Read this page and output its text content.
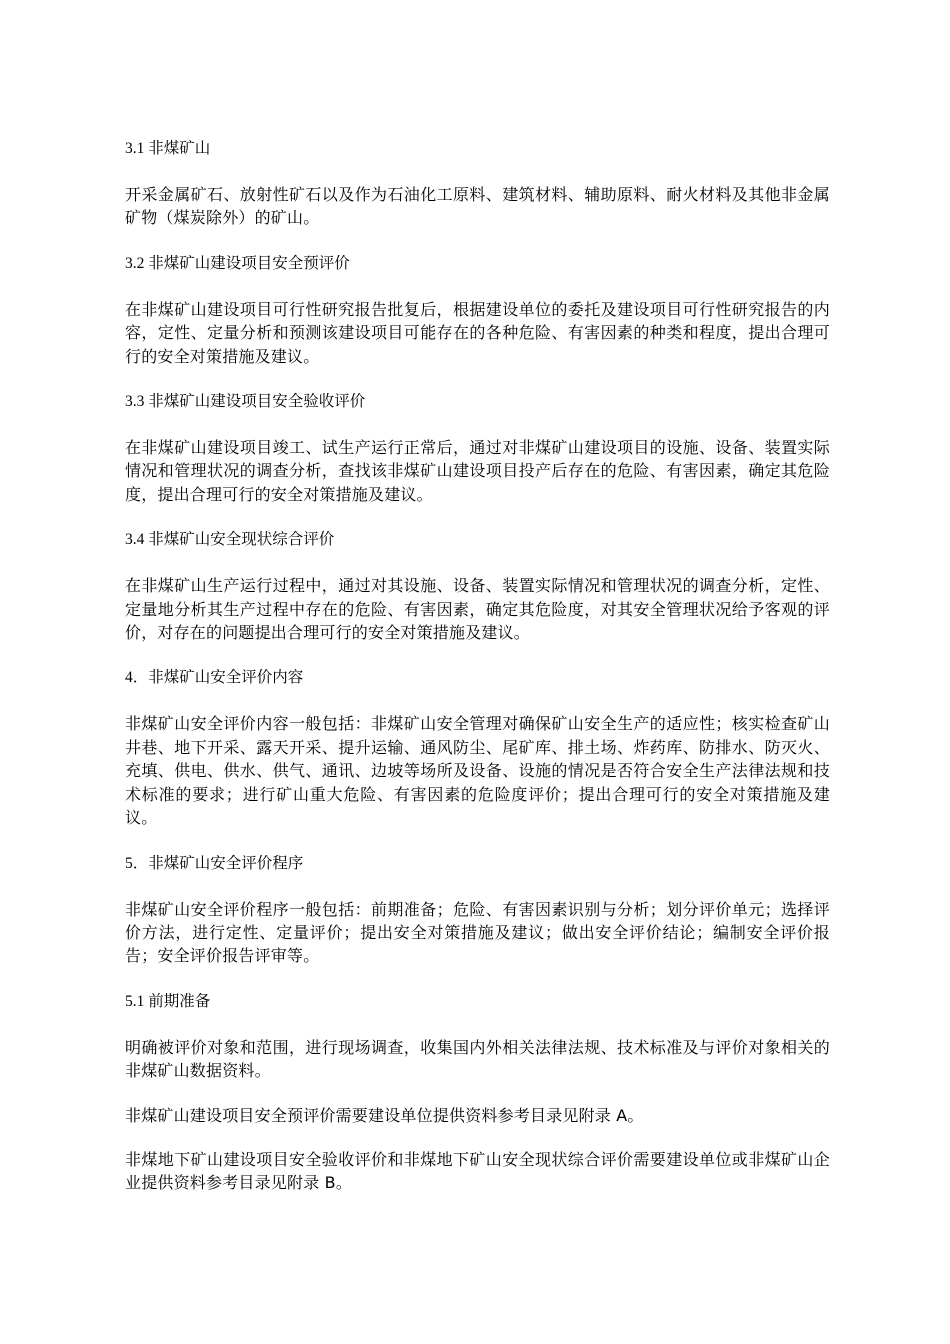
3.1 非煤矿山
开采金属矿石、放射性矿石以及作为石油化工原料、建筑材料、辅助原料、耐火材料及其他非金属矿物（煤炭除外）的矿山。
3.2 非煤矿山建设项目安全预评价
在非煤矿山建设项目可行性研究报告批复后，根据建设单位的委托及建设项目可行性研究报告的内容，定性、定量分析和预测该建设项目可能存在的各种危险、有害因素的种类和程度，提出合理可行的安全对策措施及建议。
3.3 非煤矿山建设项目安全验收评价
在非煤矿山建设项目竣工、试生产运行正常后，通过对非煤矿山建设项目的设施、设备、装置实际情况和管理状况的调查分析，查找该非煤矿山建设项目投产后存在的危险、有害因素，确定其危险度，提出合理可行的安全对策措施及建议。
3.4 非煤矿山安全现状综合评价
在非煤矿山生产运行过程中，通过对其设施、设备、装置实际情况和管理状况的调查分析，定性、定量地分析其生产过程中存在的危险、有害因素，确定其危险度，对其安全管理状况给予客观的评价，对存在的问题提出合理可行的安全对策措施及建议。
4．非煤矿山安全评价内容
非煤矿山安全评价内容一般包括：非煤矿山安全管理对确保矿山安全生产的适应性；核实检查矿山井巷、地下开采、露天开采、提升运输、通风防尘、尾矿库、排土场、炸药库、防排水、防灭火、充填、供电、供水、供气、通讯、边坡等场所及设备、设施的情况是否符合安全生产法律法规和技术标准的要求；进行矿山重大危险、有害因素的危险度评价；提出合理可行的安全对策措施及建议。
5．非煤矿山安全评价程序
非煤矿山安全评价程序一般包括：前期准备；危险、有害因素识别与分析；划分评价单元；选择评价方法，进行定性、定量评价；提出安全对策措施及建议；做出安全评价结论；编制安全评价报告；安全评价报告评审等。
5.1 前期准备
明确被评价对象和范围，进行现场调查，收集国内外相关法律法规、技术标准及与评价对象相关的非煤矿山数据资料。
非煤矿山建设项目安全预评价需要建设单位提供资料参考目录见附录 A。
非煤地下矿山建设项目安全验收评价和非煤地下矿山安全现状综合评价需要建设单位或非煤矿山企业提供资料参考目录见附录 B。
